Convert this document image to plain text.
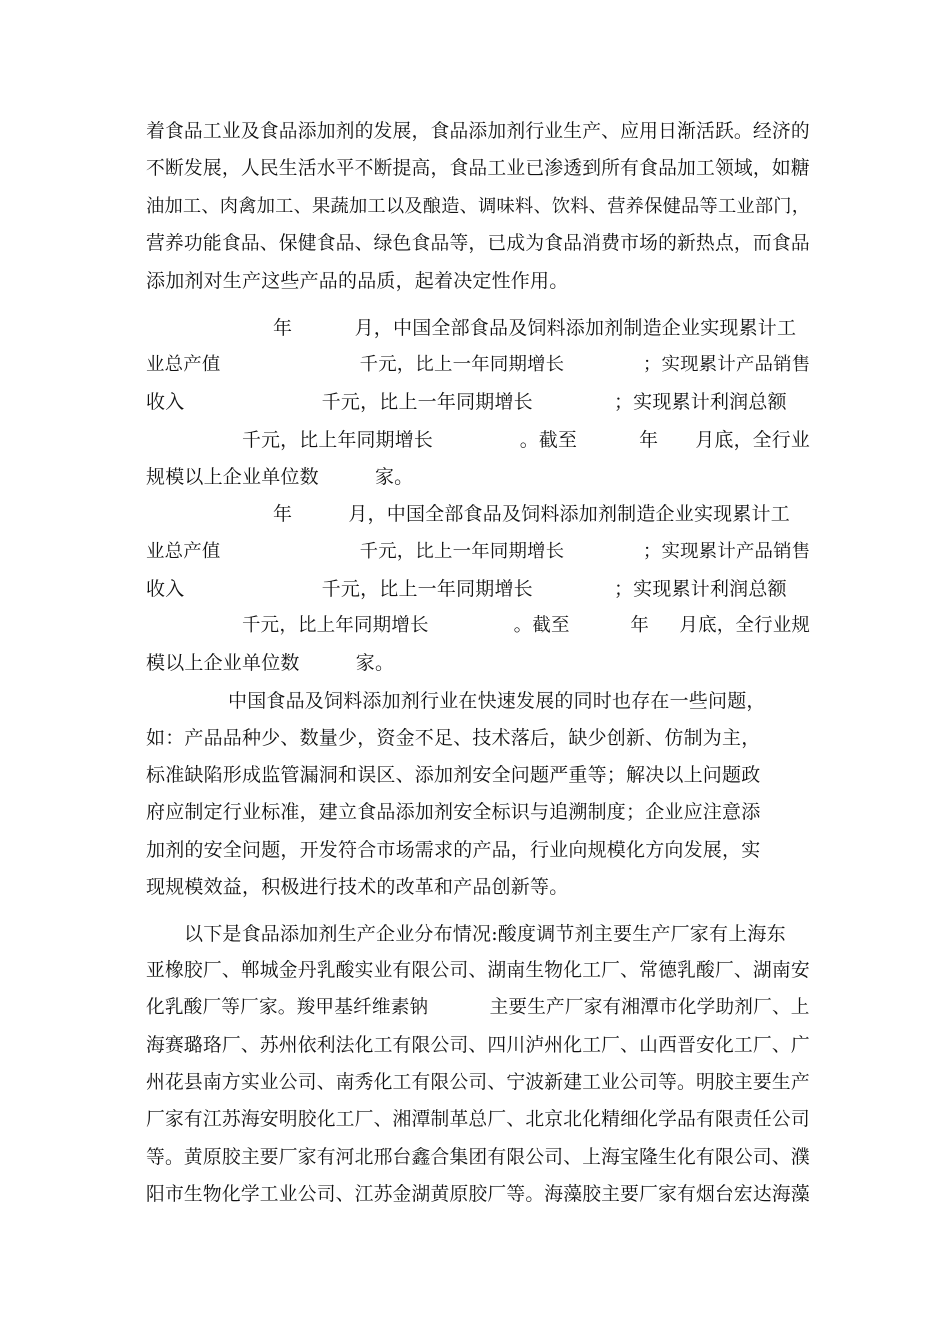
着食品工业及食品添加剂的发展，食品添加剂行业生产、应用日渐活跃。经济的
不断发展，人民生活水平不断提高，食品工业已渗透到所有食品加工领域，如糖
油加工、肉禽加工、果蔬加工以及酿造、调味料、饮料、营养保健品等工业部门，
营养功能食品、保健食品、绿色食品等，已成为食品消费市场的新热点，而食品
添加剂对生产这些产品的品质，起着决定性作用。
年          月，中国全部食品及饲料添加剂制造企业实现累计工
业总产值                       千元，比上一年同期增长             ；实现累计产品销售
收入                      千元，比上一年同期增长             ；实现累计利润总额
千元，比上年同期增长              。截至          年      月底，全行业
规模以上企业单位数         家。
年         月，中国全部食品及饲料添加剂制造企业实现累计工
业总产值                       千元，比上一年同期增长             ；实现累计产品销售
收入                      千元，比上一年同期增长             ；实现累计利润总额
千元，比上年同期增长              。截至          年     月底，全行业规
模以上企业单位数         家。
中国食品及饲料添加剂行业在快速发展的同时也存在一些问题，
如：产品品种少、数量少，资金不足、技术落后，缺少创新、仿制为主，
标准缺陷形成监管漏洞和误区、添加剂安全问题严重等；解决以上问题政
府应制定行业标准，建立食品添加剂安全标识与追溯制度；企业应注意添
加剂的安全问题，开发符合市场需求的产品，行业向规模化方向发展，实
现规模效益，积极进行技术的改革和产品创新等。
以下是食品添加剂生产企业分布情况:酸度调节剂主要生产厂家有上海东
亚橡胶厂、郸城金丹乳酸实业有限公司、湖南生物化工厂、常德乳酸厂、湖南安
化乳酸厂等厂家。羧甲基纤维素钠          主要生产厂家有湘潭市化学助剂厂、上
海赛璐珞厂、苏州依利法化工有限公司、四川泸州化工厂、山西晋安化工厂、广
州花县南方实业公司、南秀化工有限公司、宁波新建工业公司等。明胶主要生产
厂家有江苏海安明胶化工厂、湘潭制革总厂、北京北化精细化学品有限责任公司
等。黄原胶主要厂家有河北邢台鑫合集团有限公司、上海宝隆生化有限公司、濮
阳市生物化学工业公司、江苏金湖黄原胶厂等。海藻胶主要厂家有烟台宏达海藻
